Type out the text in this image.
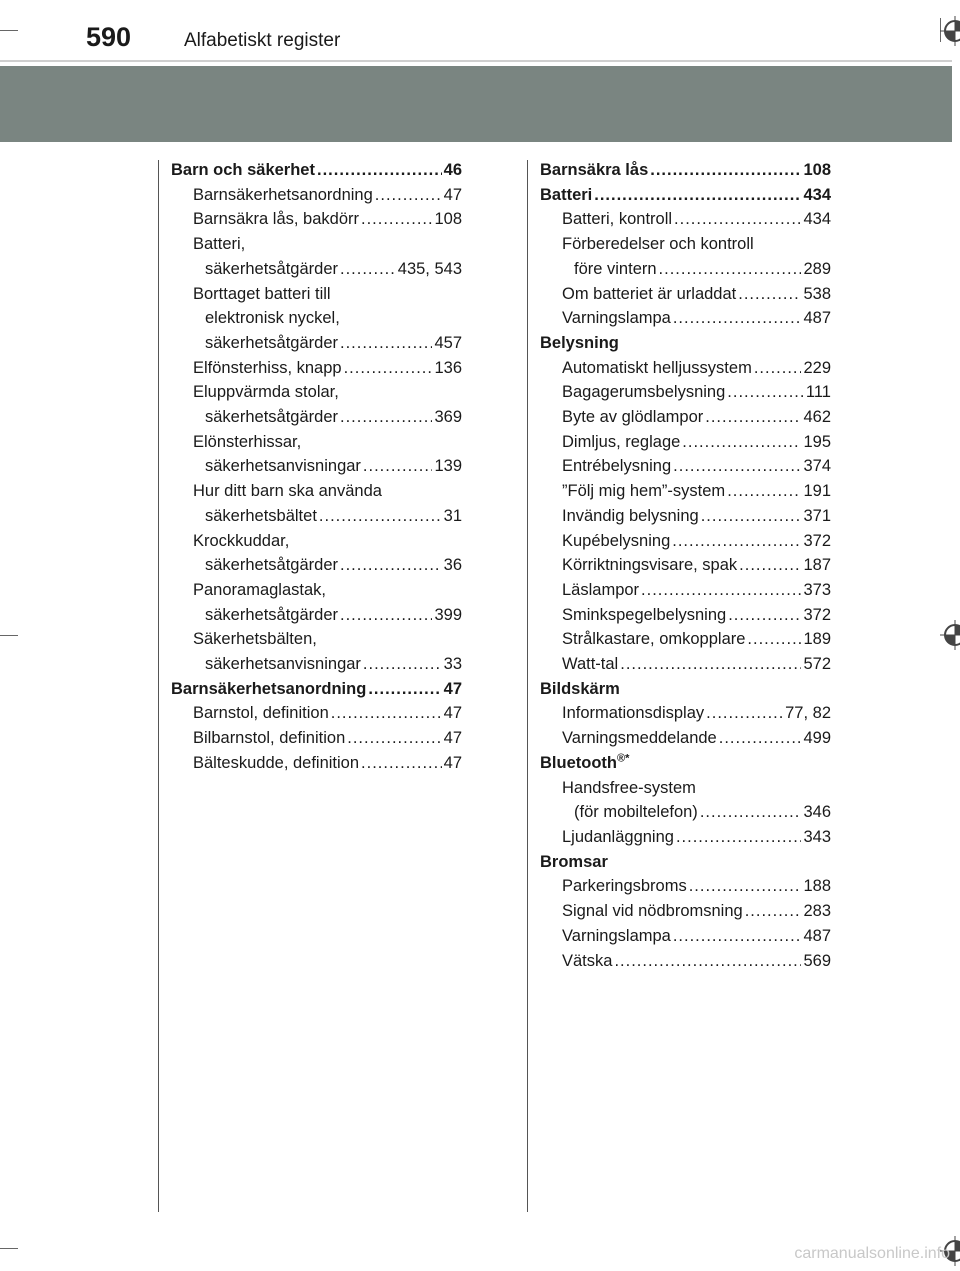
590	Alfabetiskt register
Barn och säkerhet .....	46
Barnsäkerhetsanordning .....	47
Barnsäkra lås, bakdörr .....	108
Batteri,
säkerhetsåtgärder .....	435, 543
Borttaget batteri till
elektronisk nyckel,
säkerhetsåtgärder .....	457
Elfönsterhiss, knapp .....	136
Eluppvärmda stolar,
säkerhetsåtgärder .....	369
Elönsterhissar,
säkerhetsanvisningar .....	139
Hur ditt barn ska använda
säkerhetsbältet .....	31
Krockkuddar,
säkerhetsåtgärder .....	36
Panoramaglastak,
säkerhetsåtgärder .....	399
Säkerhetsbälten,
säkerhetsanvisningar .....	33
Barnsäkerhetsanordning .....	47
Barnstol, definition .....	47
Bilbarnstol, definition .....	47
Bälteskudde, definition .....	47
Barnsäkra lås .....	108
Batteri .....	434
Batteri, kontroll .....	434
Förberedelser och kontroll
före vintern .....	289
Om batteriet är urladdat .....	538
Varningslampa .....	487
Belysning
Automatiskt helljussystem .....	229
Bagagerumsbelysning .....	111
Byte av glödlampor .....	462
Dimljus, reglage .....	195
Entrébelysning .....	374
”Följ mig hem”-system .....	191
Invändig belysning .....	371
Kupébelysning .....	372
Körriktningsvisare, spak .....	187
Läslampor .....	373
Sminkspegelbelysning .....	372
Strålkastare, omkopplare .....	189
Watt-tal .....	572
Bildskärm
Informationsdisplay .....	77, 82
Varningsmeddelande .....	499
Bluetooth®*
Handsfree-system
(för mobiltelefon) .....	346
Ljudanläggning .....	343
Bromsar
Parkeringsbroms .....	188
Signal vid nödbromsning .....	283
Varningslampa .....	487
Vätska .....	569
carmanualsonline.info
